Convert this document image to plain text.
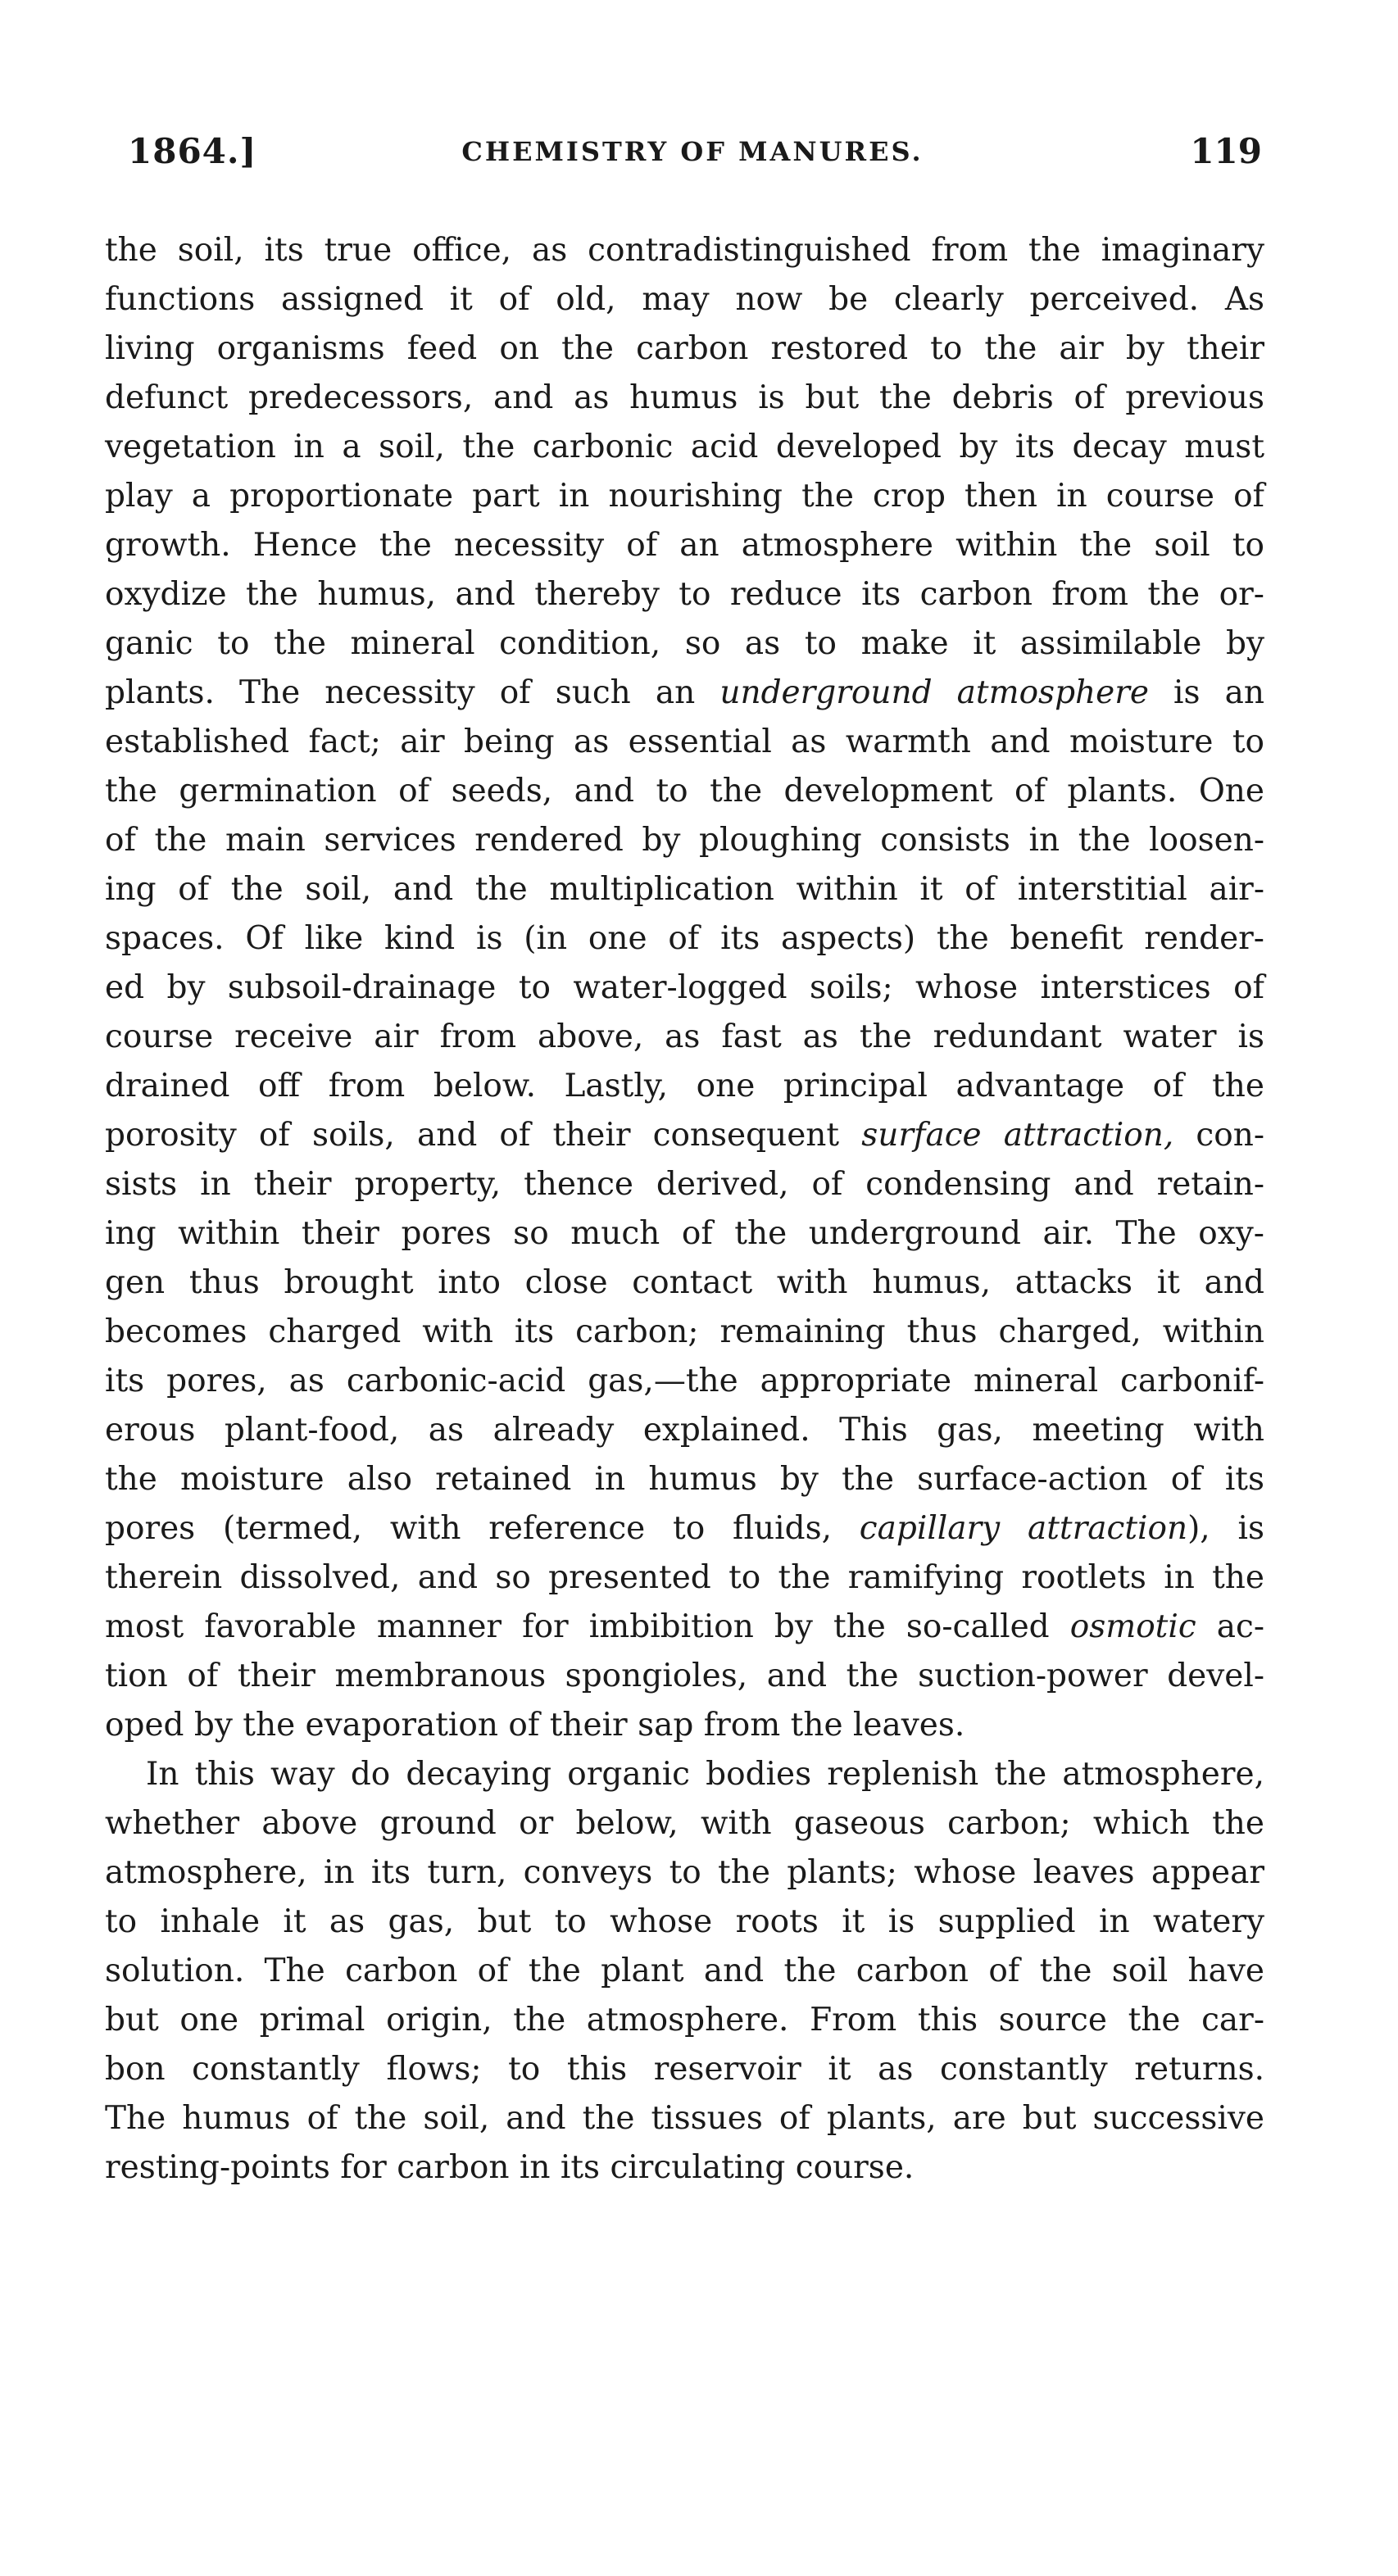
1864.]	CHEMISTRY OF MANURES.	119
the soil, its true office, as contradistinguished from the imaginary
functions assigned it of old, may now be clearly perceived. As
living organisms feed on the carbon restored to the air by their
defunct predecessors, and as humus is but the debris of previous
vegetation in a soil, the carbonic acid developed by its decay must
play a proportionate part in nourishing the crop then in course of
growth. Hence the necessity of an atmosphere within the soil to
oxydize the humus, and thereby to reduce its carbon from the or-
ganic to the mineral condition, so as to make it assimilable by
plants. The necessity of such an underground atmosphere is an
established fact; air being as essential as warmth and moisture to
the germination of seeds, and to the development of plants. One
of the main services rendered by ploughing consists in the loosen-
ing of the soil, and the multiplication within it of interstitial air-
spaces. Of like kind is (in one of its aspects) the benefit render-
ed by subsoil-drainage to water-logged soils; whose interstices of
course receive air from above, as fast as the redundant water is
drained off from below. Lastly, one principal advantage of the
porosity of soils, and of their consequent surface attraction, con-
sists in their property, thence derived, of condensing and retain-
ing within their pores so much of the underground air. The oxy-
gen thus brought into close contact with humus, attacks it and
becomes charged with its carbon; remaining thus charged, within
its pores, as carbonic-acid gas,—the appropriate mineral carbonif-
erous plant-food, as already explained. This gas, meeting with
the moisture also retained in humus by the surface-action of its
pores (termed, with reference to fluids, capillary attraction), is
therein dissolved, and so presented to the ramifying rootlets in the
most favorable manner for imbibition by the so-called osmotic ac-
tion of their membranous spongioles, and the suction-power devel-
oped by the evaporation of their sap from the leaves.
In this way do decaying organic bodies replenish the atmosphere,
whether above ground or below, with gaseous carbon; which the
atmosphere, in its turn, conveys to the plants; whose leaves appear
to inhale it as gas, but to whose roots it is supplied in watery
solution. The carbon of the plant and the carbon of the soil have
but one primal origin, the atmosphere. From this source the car-
bon constantly flows; to this reservoir it as constantly returns.
The humus of the soil, and the tissues of plants, are but successive
resting-points for carbon in its circulating course.
